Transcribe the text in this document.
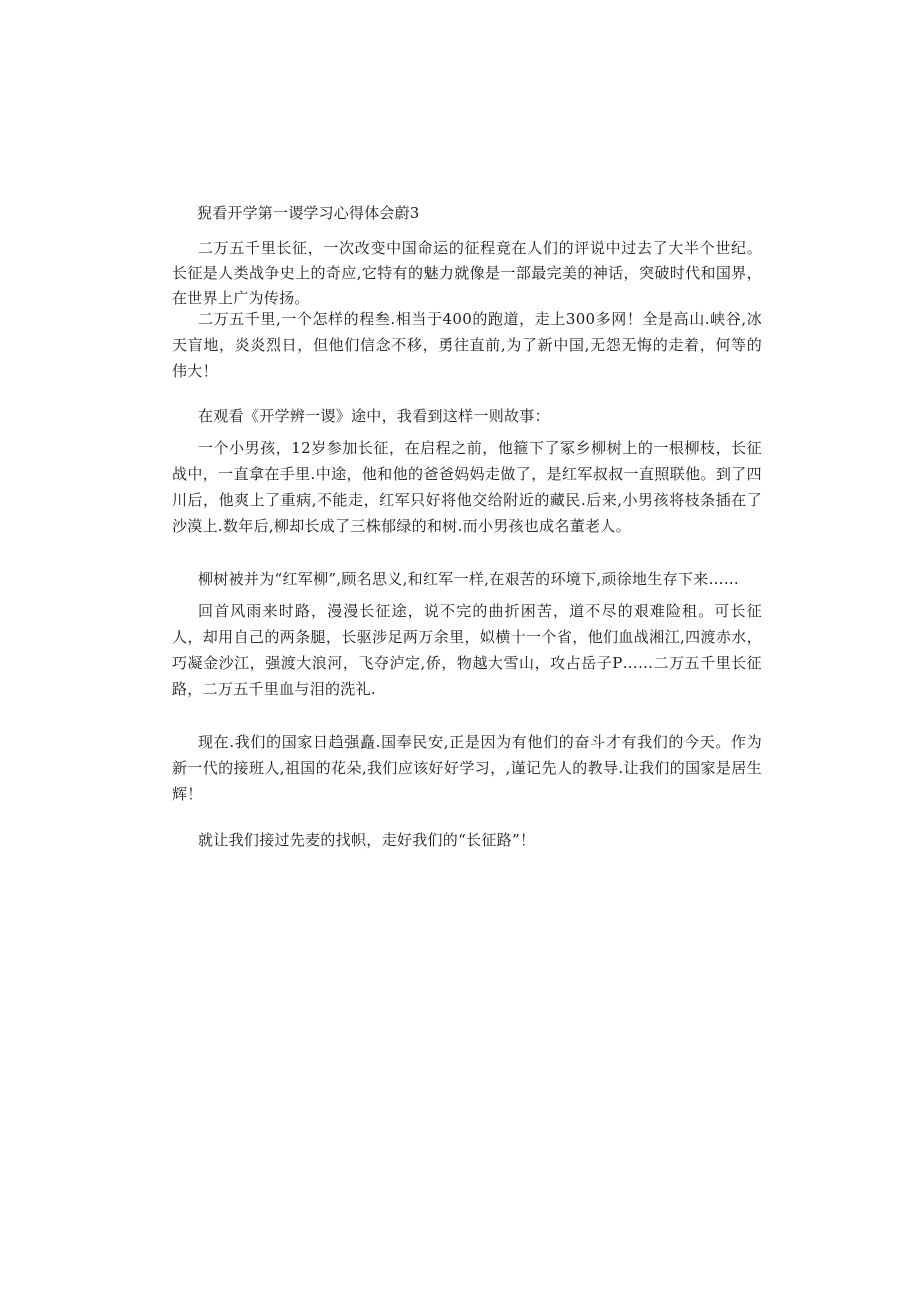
猊看开学第一谡学习心得体会蔚3
二万五千里长征，一次改变中国命运的征程竟在人们的评说中过去了大半个世纪。长征是人类战争史上的奇应,它特有的魅力就像是一部最完美的神话，突破时代和国界，在世界上广为传扬。
二万五千里,一个怎样的程叁.相当于400的跑道，走上300多网！全是高山.峡谷,冰天盲地，炎炎烈日，但他们信念不移，勇往直前,为了新中国,无怨无悔的走着，何等的伟大！
在观看《开学辨一谡》途中，我看到这样一则故事：
一个小男孩，12岁参加长征，在启程之前，他箍下了冢乡柳树上的一根柳枝，长征战中，一直拿在手里.中途，他和他的爸爸妈妈走做了，是红军叔叔一直照联他。到了四川后，他爽上了重病,不能走，红军只好将他交给附近的藏民.后来,小男孩将枝条插在了沙漠上.数年后,柳却长成了三株郁绿的和树.而小男孩也成名董老人。
柳树被并为“红军柳”,顾名思义,和红军一样,在艰苦的环境下,顽徐地生存下来……
回首风雨来时路，漫漫长征途，说不完的曲折困苦，道不尽的艰难险租。可长征人，却用自己的两条腿，长驱涉足两万余里，姒横十一个省，他们血战湘江,四渡赤水，巧凝金沙江，强渡大浪河，飞夺泸定,侨，物越大雪山，攻占岳子P……二万五千里长征路，二万五千里血与泪的洗礼.
现在.我们的国家日趋强矗.国奉民安,正是因为有他们的奋斗才有我们的今天。作为新一代的接班人,祖国的花朵,我们应该好好学习，,谨记先人的教导.让我们的国家是居生辉！
就让我们接过先麦的找帜，走好我们的“长征路”！
